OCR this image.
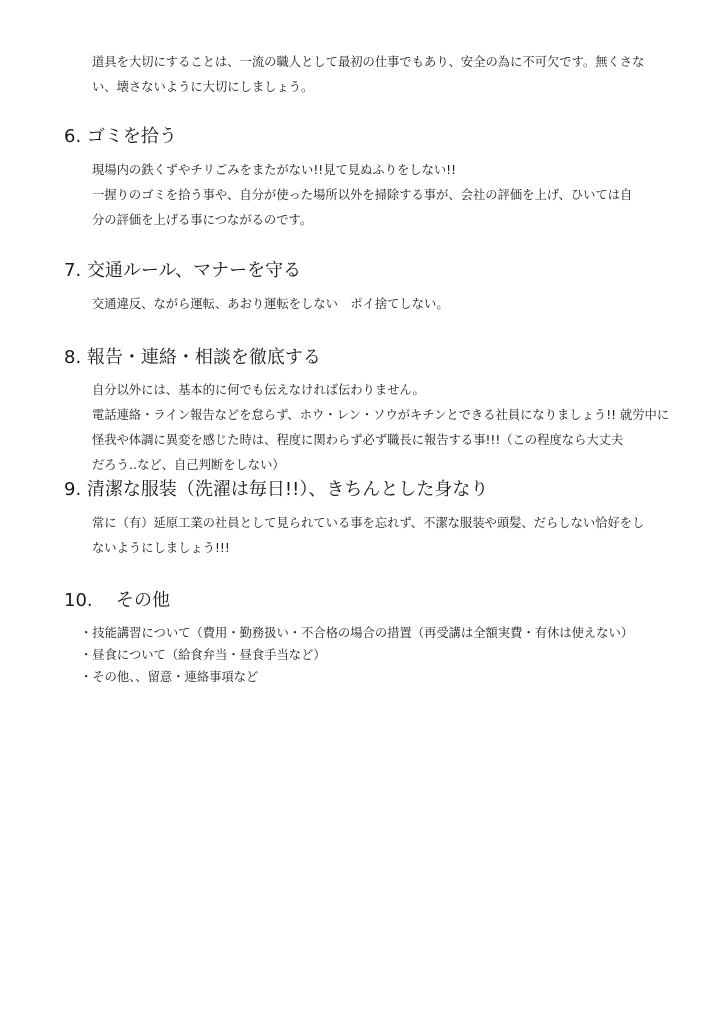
道具を大切にすることは、一流の職人として最初の仕事でもあり、安全の為に不可欠です。無くさな
い、壊さないように大切にしましょう。
6. ゴミを拾う
現場内の鉄くずやチリごみをまたがない!!見て見ぬふりをしない!!
一握りのゴミを拾う事や、自分が使った場所以外を掃除する事が、会社の評価を上げ、ひいては自
分の評価を上げる事につながるのです。
7. 交通ルール、マナーを守る
交通違反、ながら運転、あおり運転をしない　ポイ捨てしない。
8. 報告・連絡・相談を徹底する
自分以外には、基本的に何でも伝えなければ伝わりません。
電話連絡・ライン報告などを怠らず、ホウ・レン・ソウがキチンとできる社員になりましょう!! 就労中に
怪我や体調に異変を感じた時は、程度に関わらず必ず職長に報告する事!!!（この程度なら大丈夫
だろう‥など、自己判断をしない）
9. 清潔な服装（洗濯は毎日!!）、きちんとした身なり
常に（有）延原工業の社員として見られている事を忘れず、不潔な服装や頭髪、だらしない恰好をし
ないようにしましょう!!!
10. その他
・技能講習について（費用・勤務扱い・不合格の場合の措置（再受講は全額実費・有休は使えない）
・昼食について（給食弁当・昼食手当など）
・その他、、留意・連絡事項など
